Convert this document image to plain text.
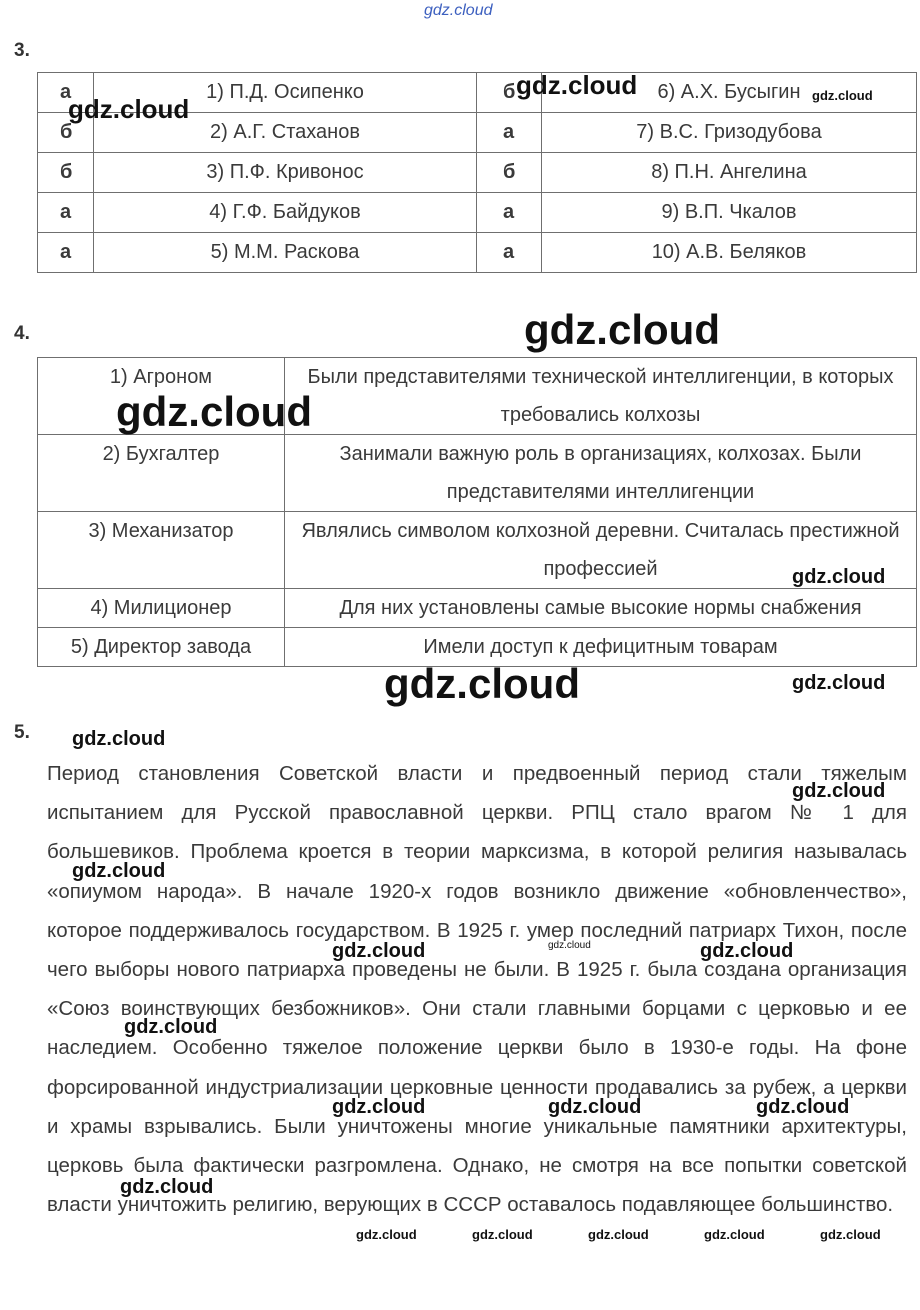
gdz.cloud
3.
а	1) П.Д. Осипенко	б	6) А.Х. Бусыгин
б	2) А.Г. Стаханов	а	7) В.С. Гризодубова
б	3) П.Ф. Кривонос	б	8) П.Н. Ангелина
а	4) Г.Ф. Байдуков	а	9) В.П. Чкалов
а	5) М.М. Раскова	а	10) А.В. Беляков
4.
1) Агроном	Были представителями технической интеллигенции, в которых требовались колхозы
2) Бухгалтер	Занимали важную роль в организациях, колхозах. Были представителями интеллигенции
3) Механизатор	Являлись символом колхозной деревни. Считалась престижной профессией
4) Милиционер	Для них установлены самые высокие нормы снабжения
5) Директор завода	Имели доступ к дефицитным товарам
5.
Период становления Советской власти и предвоенный период стали тяжелым испытанием для Русской православной церкви. РПЦ стало врагом № 1 для большевиков. Проблема кроется в теории марксизма, в которой религия называлась «опиумом народа». В начале 1920-х годов возникло движение «обновленчество», которое поддерживалось государством. В 1925 г. умер последний патриарх Тихон, после чего выборы нового патриарха проведены не были. В 1925 г. была создана организация «Союз воинствующих безбожников». Они стали главными борцами с церковью и ее наследием. Особенно тяжелое положение церкви было в 1930-е годы. На фоне форсированной индустриализации церковные ценности продавались за рубеж, а церкви и храмы взрывались. Были уничтожены многие уникальные памятники архитектуры, церковь была фактически разгромлена. Однако, не смотря на все попытки советской власти уничтожить религию, верующих в СССР оставалось подавляющее большинство.
gdz.cloud
gdz.cloud	gdz.cloud
gdz.cloud
gdz.cloud
gdz.cloud
gdz.cloud	gdz.cloud
gdz.cloud
gdz.cloud
gdz.cloud
gdz.cloud	gdz.cloud	gdz.cloud
gdz.cloud
gdz.cloud	gdz.cloud	gdz.cloud
gdz.cloud
gdz.cloud	gdz.cloud	gdz.cloud	gdz.cloud	gdz.cloud
